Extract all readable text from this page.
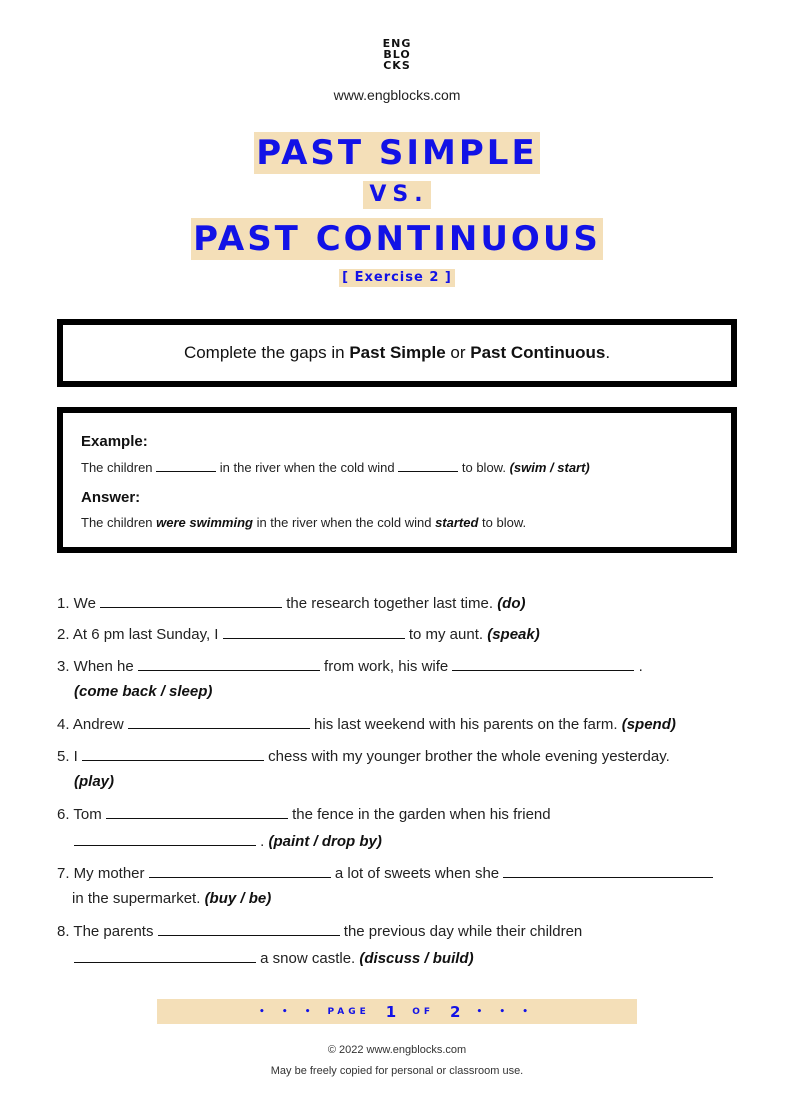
ENG
BLO
CKS
www.engblocks.com
PAST SIMPLE
VS.
PAST CONTINUOUS
[ Exercise 2 ]
Complete the gaps in Past Simple or Past Continuous.
Example:
The children	in the river when the cold wind	to blow. (swim / start)
Answer:
The children were swimming in the river when the cold wind started to blow.
1. We	the research together last time. (do)
2. At 6 pm last Sunday, I	to my aunt. (speak)
3. When he	from work, his wife	.
(come back / sleep)
4. Andrew	his last weekend with his parents on the farm. (spend)
5. I	chess with my younger brother the whole evening yesterday.
(play)
6. Tom	the fence in the garden when his friend
. (paint / drop by)
7. My mother	a lot of sweets when she
in the supermarket. (buy / be)
8. The parents	the previous day while their children
a snow castle. (discuss / build)
• • • PAGE 1 OF 2 • • •
© 2022 www.engblocks.com
May be freely copied for personal or classroom use.
